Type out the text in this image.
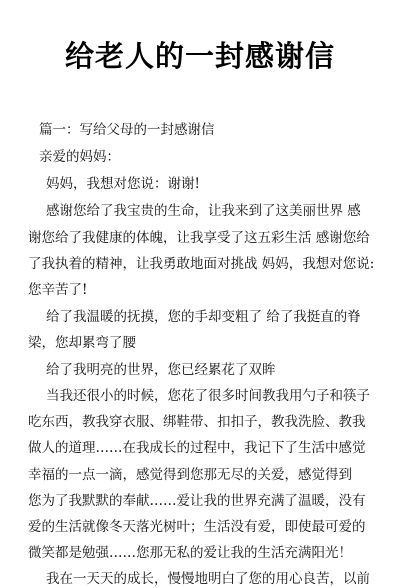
给老人的一封感谢信
篇一：写给父母的一封感谢信
亲爱的妈妈：
妈妈，我想对您说：谢谢!
感谢您给了我宝贵的生命，让我来到了这美丽世界 感
谢您给了我健康的体魄，让我享受了这五彩生活 感谢您给
了我执着的精神，让我勇敢地面对挑战 妈妈，我想对您说:
您辛苦了!
给了我温暖的抚摸，您的手却变粗了 给了我挺直的脊
梁，您却累弯了腰
给了我明亮的世界，您已经累花了双眸
当我还很小的时候，您花了很多时间教我用勺子和筷子
吃东西，教我穿衣服、绑鞋带、扣扣子，教我洗脸、教我
做人的道理……在我成长的过程中，我记下了生活中感觉
幸福的一点一滴，感觉得到您那无尽的关爱，感觉得到
您为了我默默的奉献……爱让我的世界充满了温暖，没有
爱的生活就像冬天落光树叶；生活没有爱，即使最可爱的
微笑都是勉强……您那无私的爱让我的生活充满阳光！
我在一天天的成长，慢慢地明白了您的用心良苦，以前
